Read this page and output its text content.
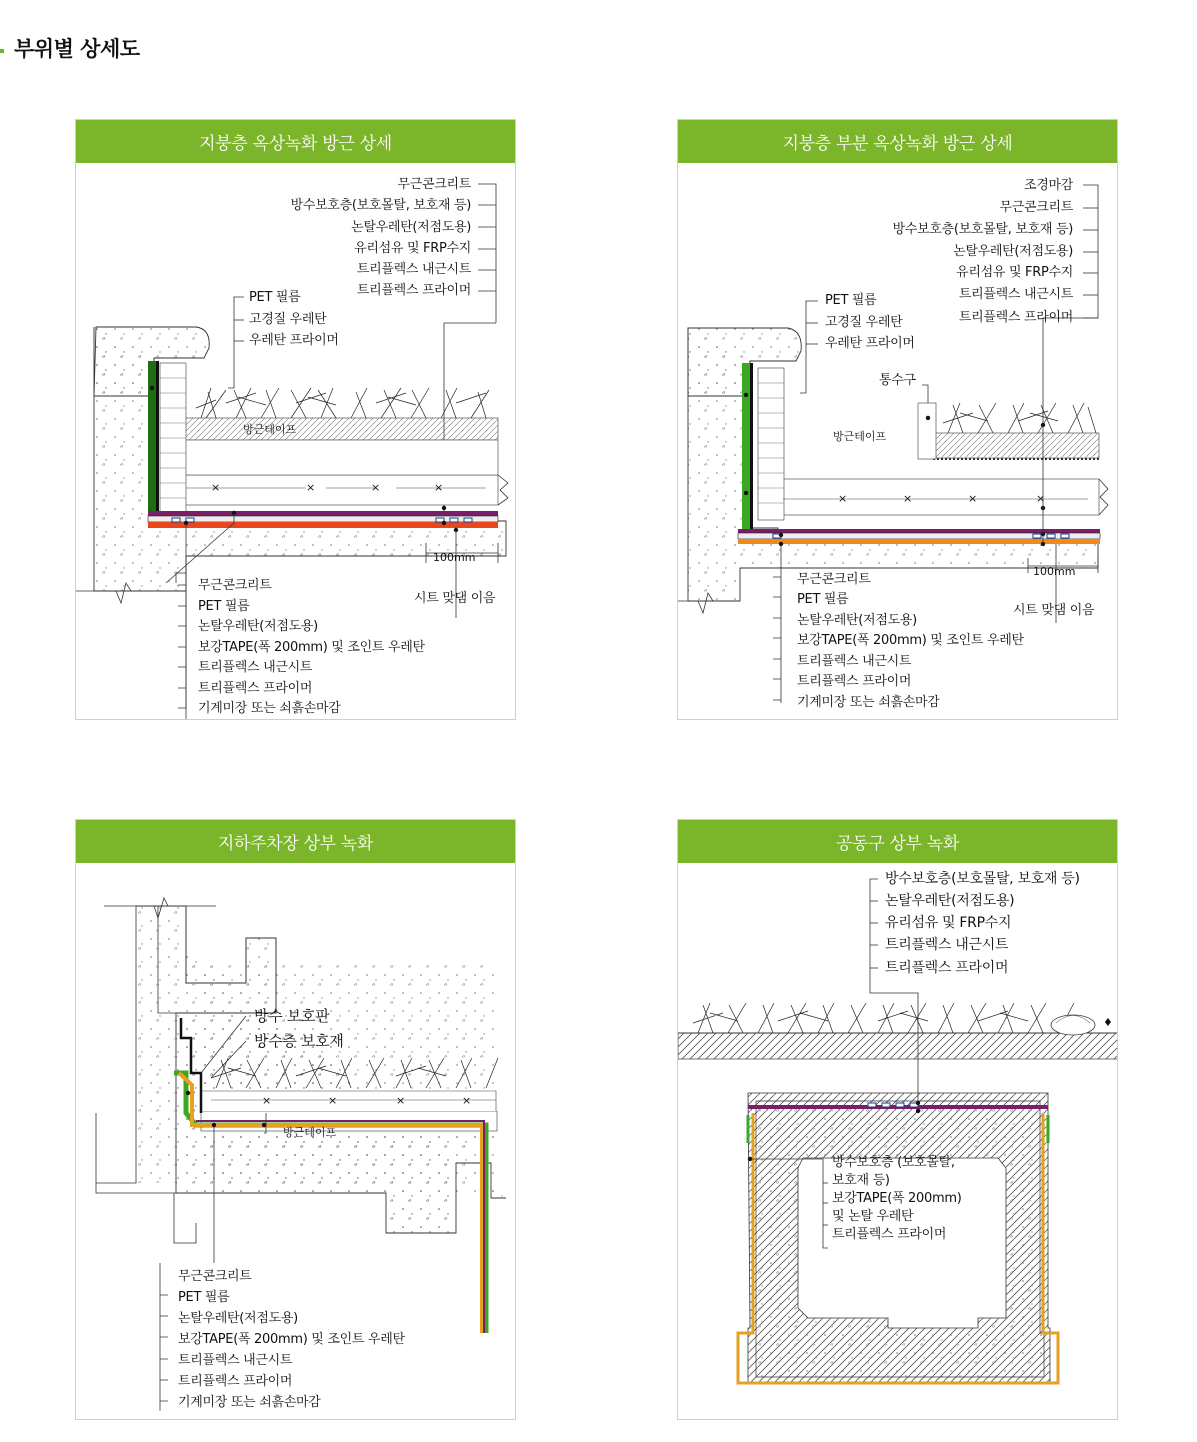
부위별 상세도
지붕층 옥상녹화 방근 상세
×	×	×	×
방근테이프
100mm
무근콘크리트
방수보호층(보호몰탈, 보호재 등)
논탈우레탄(저점도용)
유리섬유 및 FRP수지
트리플렉스 내근시트
트리플렉스 프라이머
PET 필름
고경질 우레탄
우레탄 프라이머
시트 맞댐 이음
무근콘크리트
PET 필름
논탈우레탄(저점도용)
보강TAPE(폭 200mm) 및 조인트 우레탄
트리플렉스 내근시트
트리플렉스 프라이머
기계미장 또는 쇠흙손마감
지붕층 부분 옥상녹화 방근 상세
×	×	×	×
방근테이프
100mm
조경마감
무근콘크리트
방수보호층(보호몰탈, 보호재 등)
논탈우레탄(저점도용)
유리섬유 및 FRP수지
트리플렉스 내근시트
트리플렉스 프라이머
PET 필름
고경질 우레탄
우레탄 프라이머
통수구
시트 맞댐 이음
무근콘크리트
PET 필름
논탈우레탄(저점도용)
보강TAPE(폭 200mm) 및 조인트 우레탄
트리플렉스 내근시트
트리플렉스 프라이머
기계미장 또는 쇠흙손마감
지하주차장 상부 녹화
×	×	×	×
방근테이프
방수 보호판
방수층 보호재
무근콘크리트
PET 필름
논탈우레탄(저점도용)
보강TAPE(폭 200mm) 및 조인트 우레탄
트리플렉스 내근시트
트리플렉스 프라이머
기계미장 또는 쇠흙손마감
공동구 상부 녹화
♦
방수보호층(보호몰탈, 보호재 등)
논탈우레탄(저점도용)
유리섬유 및 FRP수지
트리플렉스 내근시트
트리플렉스 프라이머
방수보호층 (보호몰탈,
보호재 등)
보강TAPE(폭 200mm)
및 논탈 우레탄
트리플렉스 프라이머
